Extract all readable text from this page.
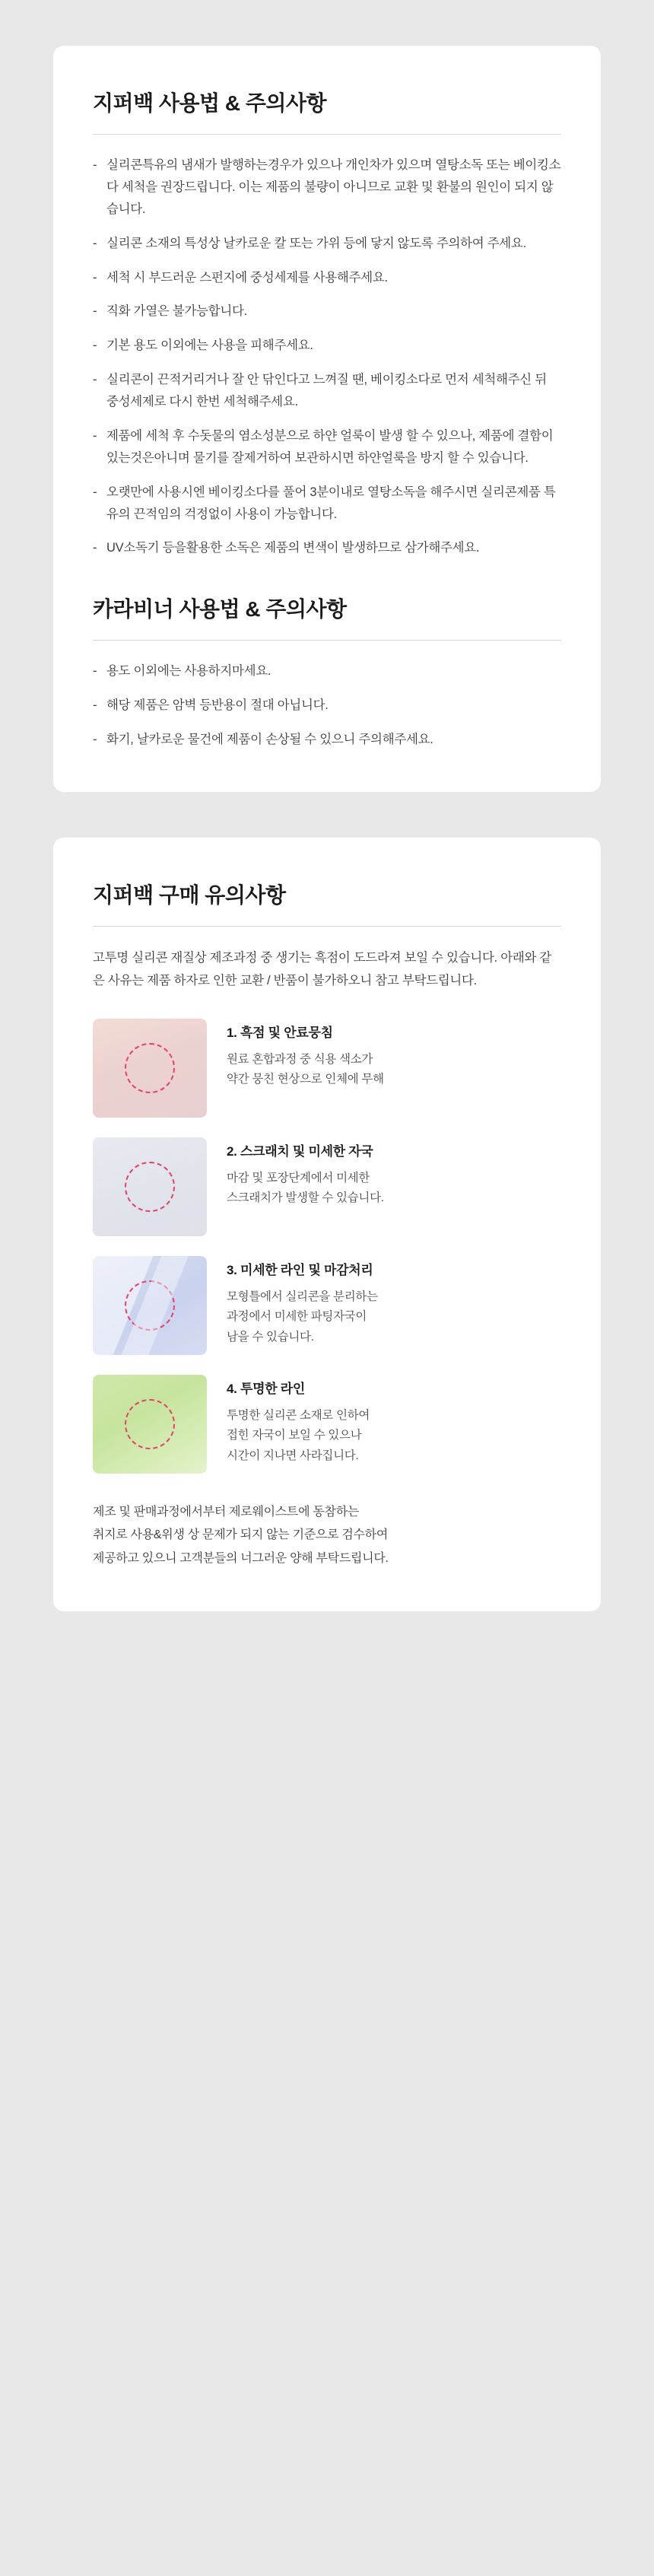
지퍼백 사용법 & 주의사항
- 실리콘특유의 냄새가 발행하는경우가 있으나 개인차가 있으며 열탕소독 또는 베이킹소다 세척을 권장드립니다. 이는 제품의 불량이 아니므로 교환 및 환불의 원인이 되지 않습니다.
- 실리콘 소재의 특성상 날카로운 칼 또는 가위 등에 닿지 않도록 주의하여 주세요.
- 세척 시 부드러운 스펀지에 중성세제를 사용해주세요.
- 직화 가열은 불가능합니다.
- 기본 용도 이외에는 사용을 피해주세요.
- 실리콘이 끈적거리거나 잘 안 닦인다고 느껴질 땐, 베이킹소다로 먼저 세척해주신 뒤 중성세제로 다시 한번 세척해주세요.
- 제품에 세척 후 수돗물의 염소성분으로 하얀 얼룩이 발생 할 수 있으나, 제품에 결함이있는것은아니며 물기를 잘제거하여 보관하시면 하얀얼룩을 방지 할 수 있습니다.
- 오랫만에 사용시엔 베이킹소다를 풀어 3분이내로 열탕소독을 해주시면 실리콘제품 특유의 끈적임의 걱정없이 사용이 가능합니다.
- UV소독기 등을활용한 소독은 제품의 변색이 발생하므로 삼가해주세요.
카라비너 사용법 & 주의사항
- 용도 이외에는 사용하지마세요.
- 해당 제품은 암벽 등반용이 절대 아닙니다.
- 화기, 날카로운 물건에 제품이 손상될 수 있으니 주의해주세요.
지퍼백 구매 유의사항

고투명 실리콘 재질상 제조과정 중 생기는 흑점이 도드라져 보일 수 있습니다. 아래와 같은 사유는 제품 하자로 인한 교환 / 반품이 불가하오니 참고 부탁드립니다.

1. 흑점 및 안료뭉침

원료 혼합과정 중 식용 색소가
약간 뭉친 현상으로 인체에 무해

2. 스크래치 및 미세한 자국

마감 및 포장단계에서 미세한
스크래치가 발생할 수 있습니다.

3. 미세한 라인 및 마감처리

모형틀에서 실리콘을 분리하는
과정에서 미세한 파팅자국이
남을 수 있습니다.

4. 투명한 라인

투명한 실리콘 소재로 인하여
접힌 자국이 보일 수 있으나
시간이 지나면 사라집니다.

제조 및 판매과정에서부터 제로웨이스트에 동참하는
취지로 사용&위생 상 문제가 되지 않는 기준으로 검수하여
제공하고 있으니 고객분들의 너그러운 양해 부탁드립니다.
